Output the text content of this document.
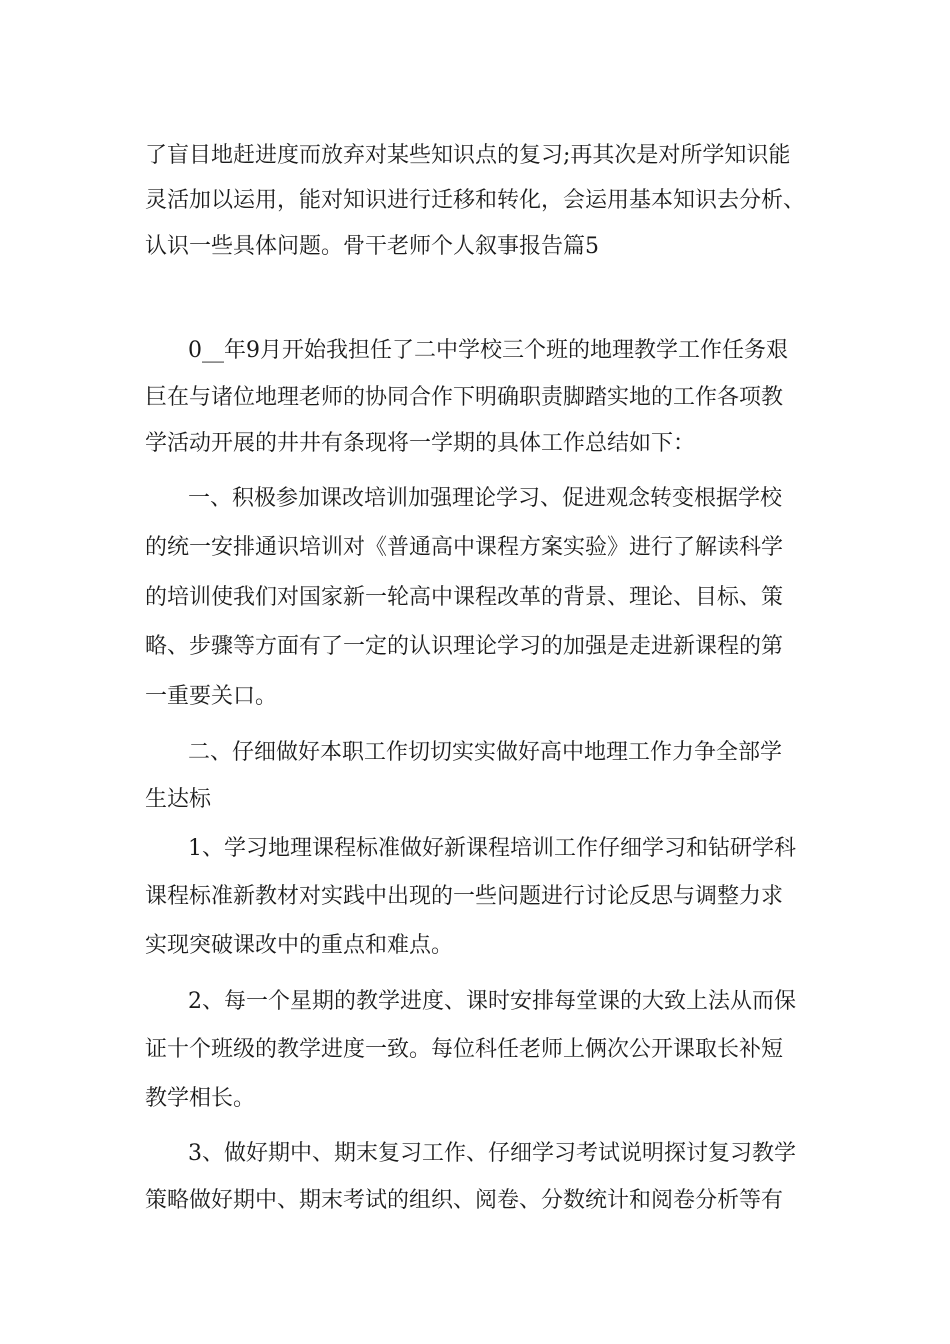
了盲目地赶进度而放弃对某些知识点的复习;再其次是对所学知识能
灵活加以运用，能对知识进行迁移和转化，会运用基本知识去分析、
认识一些具体问题。骨干老师个人叙事报告篇5
0__年9月开始我担任了二中学校三个班的地理教学工作任务艰
巨在与诸位地理老师的协同合作下明确职责脚踏实地的工作各项教
学活动开展的井井有条现将一学期的具体工作总结如下：
一、积极参加课改培训加强理论学习、促进观念转变根据学校
的统一安排通识培训对《普通高中课程方案实验》进行了解读科学
的培训使我们对国家新一轮高中课程改革的背景、理论、目标、策
略、步骤等方面有了一定的认识理论学习的加强是走进新课程的第
一重要关口。
二、仔细做好本职工作切切实实做好高中地理工作力争全部学
生达标
1、学习地理课程标准做好新课程培训工作仔细学习和钻研学科
课程标准新教材对实践中出现的一些问题进行讨论反思与调整力求
实现突破课改中的重点和难点。
2、每一个星期的教学进度、课时安排每堂课的大致上法从而保
证十个班级的教学进度一致。每位科任老师上俩次公开课取长补短
教学相长。
3、做好期中、期末复习工作、仔细学习考试说明探讨复习教学
策略做好期中、期末考试的组织、阅卷、分数统计和阅卷分析等有
